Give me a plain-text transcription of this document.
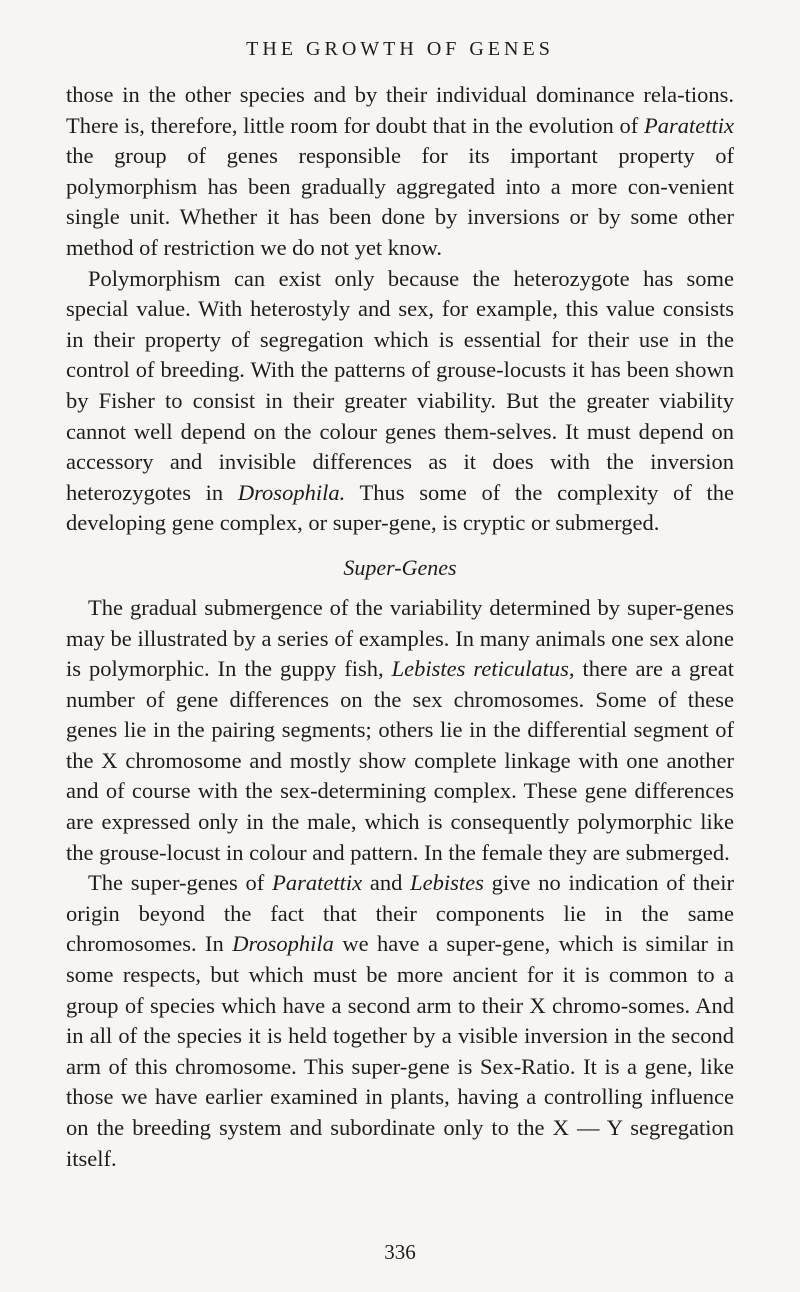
THE GROWTH OF GENES

those in the other species and by their individual dominance rela-tions. There is, therefore, little room for doubt that in the evolution of Paratettix the group of genes responsible for its important property of polymorphism has been gradually aggregated into a more con-venient single unit. Whether it has been done by inversions or by some other method of restriction we do not yet know.

Polymorphism can exist only because the heterozygote has some special value. With heterostyly and sex, for example, this value consists in their property of segregation which is essential for their use in the control of breeding. With the patterns of grouse-locusts it has been shown by Fisher to consist in their greater viability. But the greater viability cannot well depend on the colour genes them-selves. It must depend on accessory and invisible differences as it does with the inversion heterozygotes in Drosophila. Thus some of the complexity of the developing gene complex, or super-gene, is cryptic or submerged.

Super-Genes

The gradual submergence of the variability determined by super-genes may be illustrated by a series of examples. In many animals one sex alone is polymorphic. In the guppy fish, Lebistes reticulatus, there are a great number of gene differences on the sex chromosomes. Some of these genes lie in the pairing segments; others lie in the differential segment of the X chromosome and mostly show complete linkage with one another and of course with the sex-determining complex. These gene differences are expressed only in the male, which is consequently polymorphic like the grouse-locust in colour and pattern. In the female they are submerged.

The super-genes of Paratettix and Lebistes give no indication of their origin beyond the fact that their components lie in the same chromosomes. In Drosophila we have a super-gene, which is similar in some respects, but which must be more ancient for it is common to a group of species which have a second arm to their X chromo-somes. And in all of the species it is held together by a visible inversion in the second arm of this chromosome. This super-gene is Sex-Ratio. It is a gene, like those we have earlier examined in plants, having a controlling influence on the breeding system and subordinate only to the X — Y segregation itself.

336
